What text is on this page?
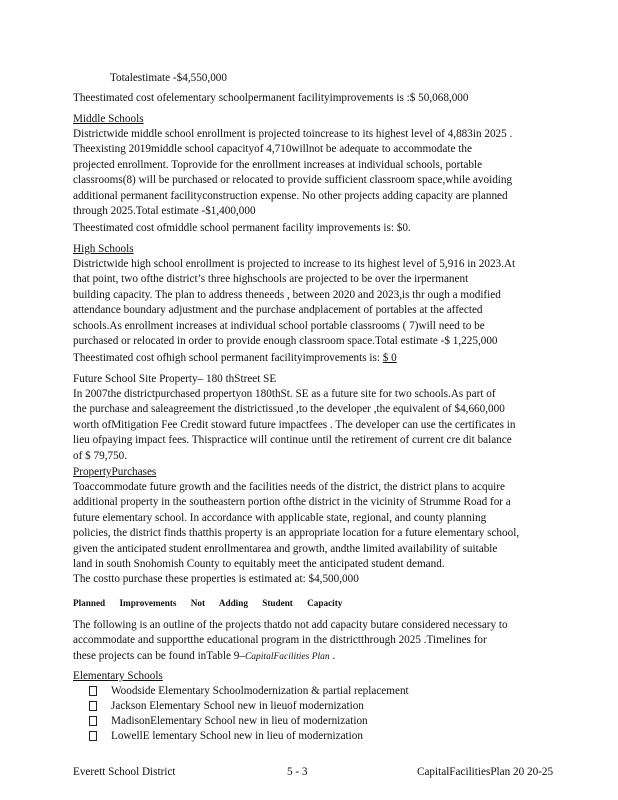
Totalestimate -$4,550,000

Theestimated cost ofelementary schoolpermanent facilityimprovements is :$ 50,068,000

Middle Schools

Districtwide middle school enrollment is projected toincrease to its highest level of 4,883in 2025 .
Theexisting 2019middle school capacityof 4,710willnot be adequate to accommodate the
projected enrollment. Toprovide for the enrollment increases at individual schools, portable
classrooms(8) will be purchased or relocated to provide sufficient classroom space,while avoiding
additional permanent facilityconstruction expense. No other projects adding capacity are planned
through 2025.Total estimate -$1,400,000

Theestimated cost ofmiddle school permanent facility improvements is: $0.

High Schools

Districtwide high school enrollment is projected to increase to its highest level of 5,916 in 2023.At
that point, two ofthe district’s three highschools are projected to be over the irpermanent
building capacity. The plan to address theneeds , between 2020 and 2023,is thr ough a modified
attendance boundary adjustment and the purchase andplacement of portables at the affected
schools.As enrollment increases at individual school portable classrooms ( 7)will need to be
purchased or relocated in order to provide enough classroom space.Total estimate -$ 1,225,000

Theestimated cost ofhigh school permanent facilityimprovements is: $ 0

Future School Site Property– 180 thStreet SE

In 2007the districtpurchased propertyon 180thSt. SE as a future site for two schools.As part of
the purchase and saleagreement the districtissued ,to the developer ,the equivalent of $4,660,000
worth ofMitigation Fee Credit stoward future impactfees . The developer can use the certificates in
lieu ofpaying impact fees. Thispractice will continue until the retirement of current cre dit balance
of $ 79,750.

PropertyPurchases

Toaccommodate future growth and the facilities needs of the district, the district plans to acquire
additional property in the southeastern portion ofthe district in the vicinity of Strumme Road for a
future elementary school. In accordance with applicable state, regional, and county planning
policies, the district finds thatthis property is an appropriate location for a future elementary school,
given the anticipated student enrollmentarea and growth, andthe limited availability of suitable
land in south Snohomish County to equitably meet the anticipated student demand.

The costto purchase these properties is estimated at: $4,500,000

Planned Improvements Not Adding Student Capacity
The following is an outline of the projects thatdo not add capacity butare considered necessary to
accommodate and supportthe educational program in the districtthrough 2025 .Timelines for
these projects can be found inTable 9–CapitalFacilities Plan .

Elementary Schools

Woodside Elementary Schoolmodernization & partial replacement
Jackson Elementary School new in lieuof modernization
MadisonElementary School new in lieu of modernization
LowellE lementary School new in lieu of modernization
Everett School District	5 - 3	CapitalFacilitiesPlan 20 20-25
